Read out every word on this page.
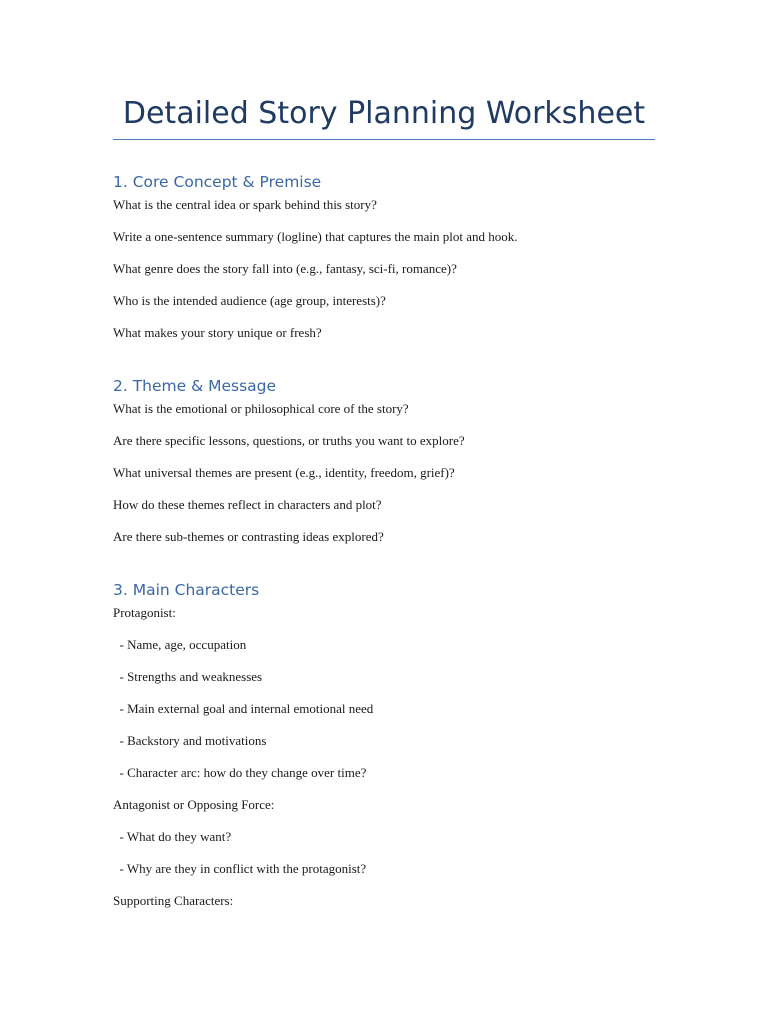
Detailed Story Planning Worksheet
1. Core Concept & Premise
What is the central idea or spark behind this story?
Write a one-sentence summary (logline) that captures the main plot and hook.
What genre does the story fall into (e.g., fantasy, sci-fi, romance)?
Who is the intended audience (age group, interests)?
What makes your story unique or fresh?
2. Theme & Message
What is the emotional or philosophical core of the story?
Are there specific lessons, questions, or truths you want to explore?
What universal themes are present (e.g., identity, freedom, grief)?
How do these themes reflect in characters and plot?
Are there sub-themes or contrasting ideas explored?
3. Main Characters
Protagonist:
- Name, age, occupation
- Strengths and weaknesses
- Main external goal and internal emotional need
- Backstory and motivations
- Character arc: how do they change over time?
Antagonist or Opposing Force:
- What do they want?
- Why are they in conflict with the protagonist?
Supporting Characters:
